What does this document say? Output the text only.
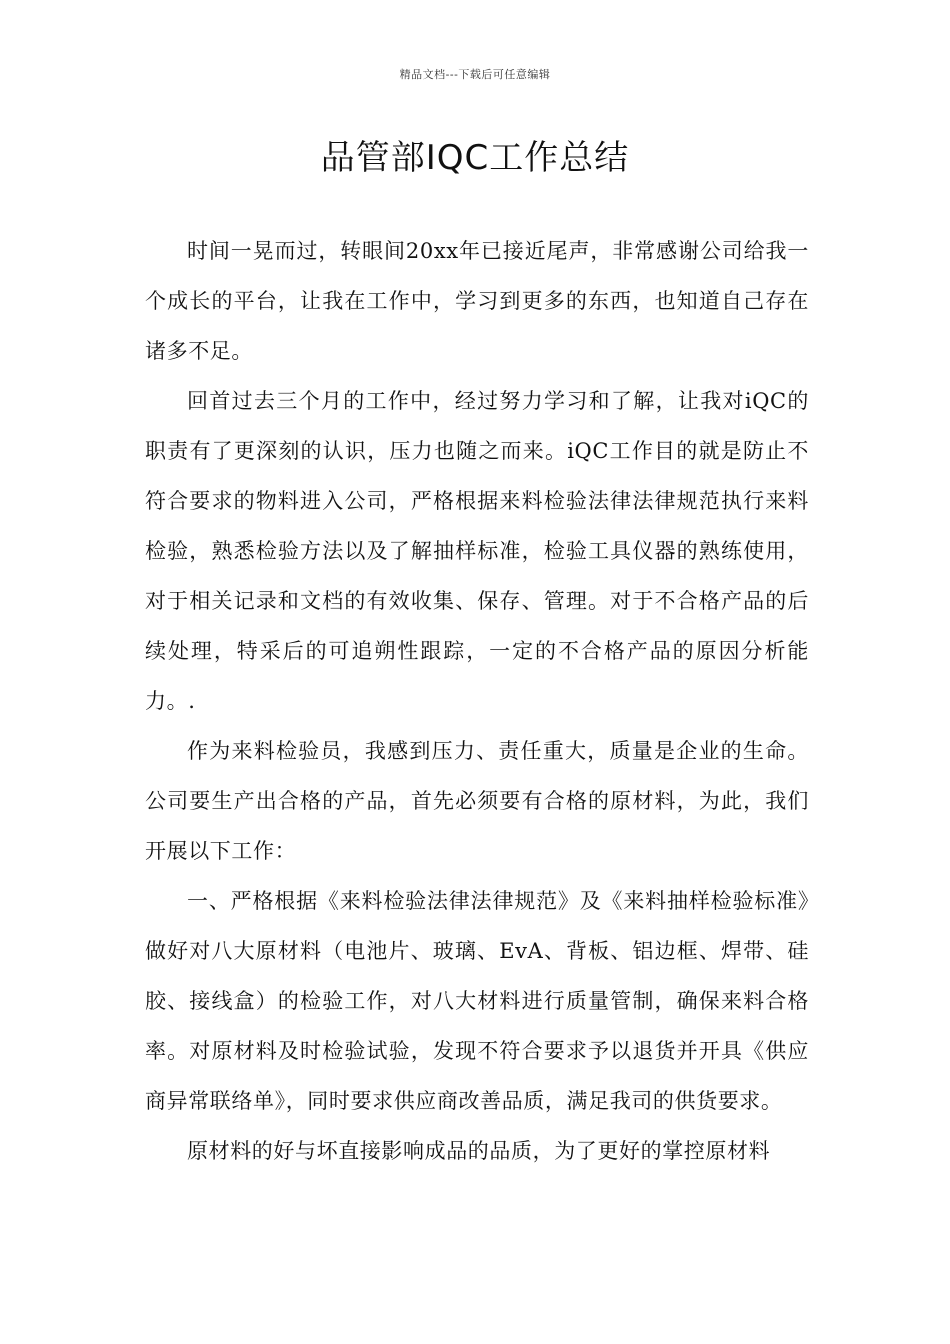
精品文档---下载后可任意编辑
品管部IQC工作总结

时间一晃而过，转眼间20xx年已接近尾声，非常感谢公司给我一个成长的平台，让我在工作中，学习到更多的东西，也知道自己存在诸多不足。

回首过去三个月的工作中，经过努力学习和了解，让我对iQC的职责有了更深刻的认识，压力也随之而来。iQC工作目的就是防止不符合要求的物料进入公司，严格根据来料检验法律法律规范执行来料检验，熟悉检验方法以及了解抽样标准，检验工具仪器的熟练使用，对于相关记录和文档的有效收集、保存、管理。对于不合格产品的后续处理，特采后的可追朔性跟踪，一定的不合格产品的原因分析能力。.

作为来料检验员，我感到压力、责任重大，质量是企业的生命。公司要生产出合格的产品，首先必须要有合格的原材料，为此，我们开展以下工作：

一、严格根据《来料检验法律法律规范》及《来料抽样检验标准》做好对八大原材料（电池片、玻璃、EvA、背板、铝边框、焊带、硅胶、接线盒）的检验工作，对八大材料进行质量管制，确保来料合格率。对原材料及时检验试验，发现不符合要求予以退货并开具《供应商异常联络单》，同时要求供应商改善品质，满足我司的供货要求。

原材料的好与坏直接影响成品的品质，为了更好的掌控原材料
